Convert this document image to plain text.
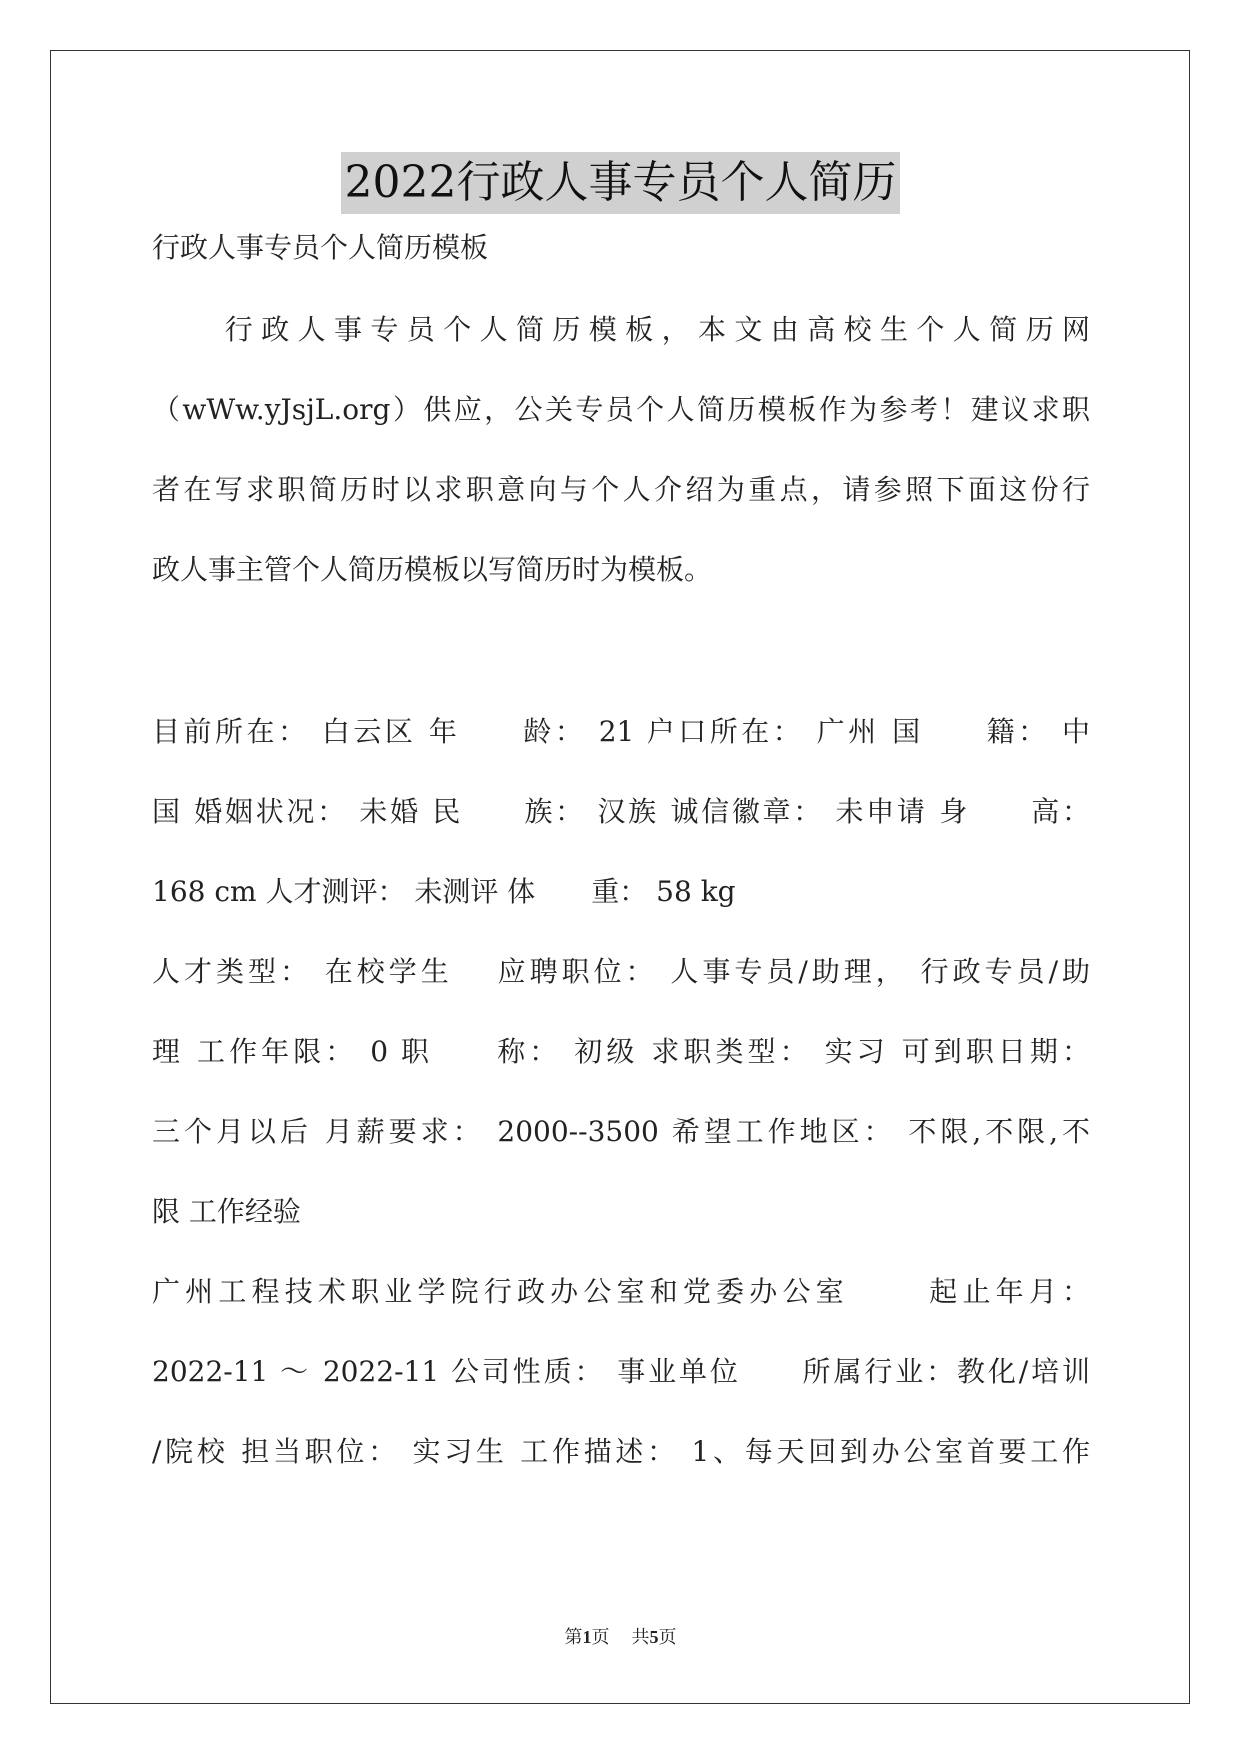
2022行政人事专员个人简历
行政人事专员个人简历模板
　　行政人事专员个人简历模板，本文由高校生个人简历网
（wWw.yJsjL.org）供应，公关专员个人简历模板作为参考！建议求职
者在写求职简历时以求职意向与个人介绍为重点，请参照下面这份行
政人事主管个人简历模板以写简历时为模板。
目前所在： 白云区 年　　龄： 21 户口所在： 广州 国　　籍： 中
国 婚姻状况： 未婚 民　　族： 汉族 诚信徽章： 未申请 身　　高：
168 cm 人才测评： 未测评 体　　重： 58 kg
人才类型： 在校学生　 应聘职位： 人事专员/助理， 行政专员/助
理 工作年限： 0 职　　称： 初级 求职类型： 实习 可到职日期：
三个月以后 月薪要求： 2000--3500 希望工作地区： 不限,不限,不
限 工作经验
广州工程技术职业学院行政办公室和党委办公室　　 起止年月：
2022-11 ～ 2022-11 公司性质： 事业单位　　所属行业：教化/培训
/院校 担当职位： 实习生 工作描述： 1、每天回到办公室首要工作
第1页 共5页
